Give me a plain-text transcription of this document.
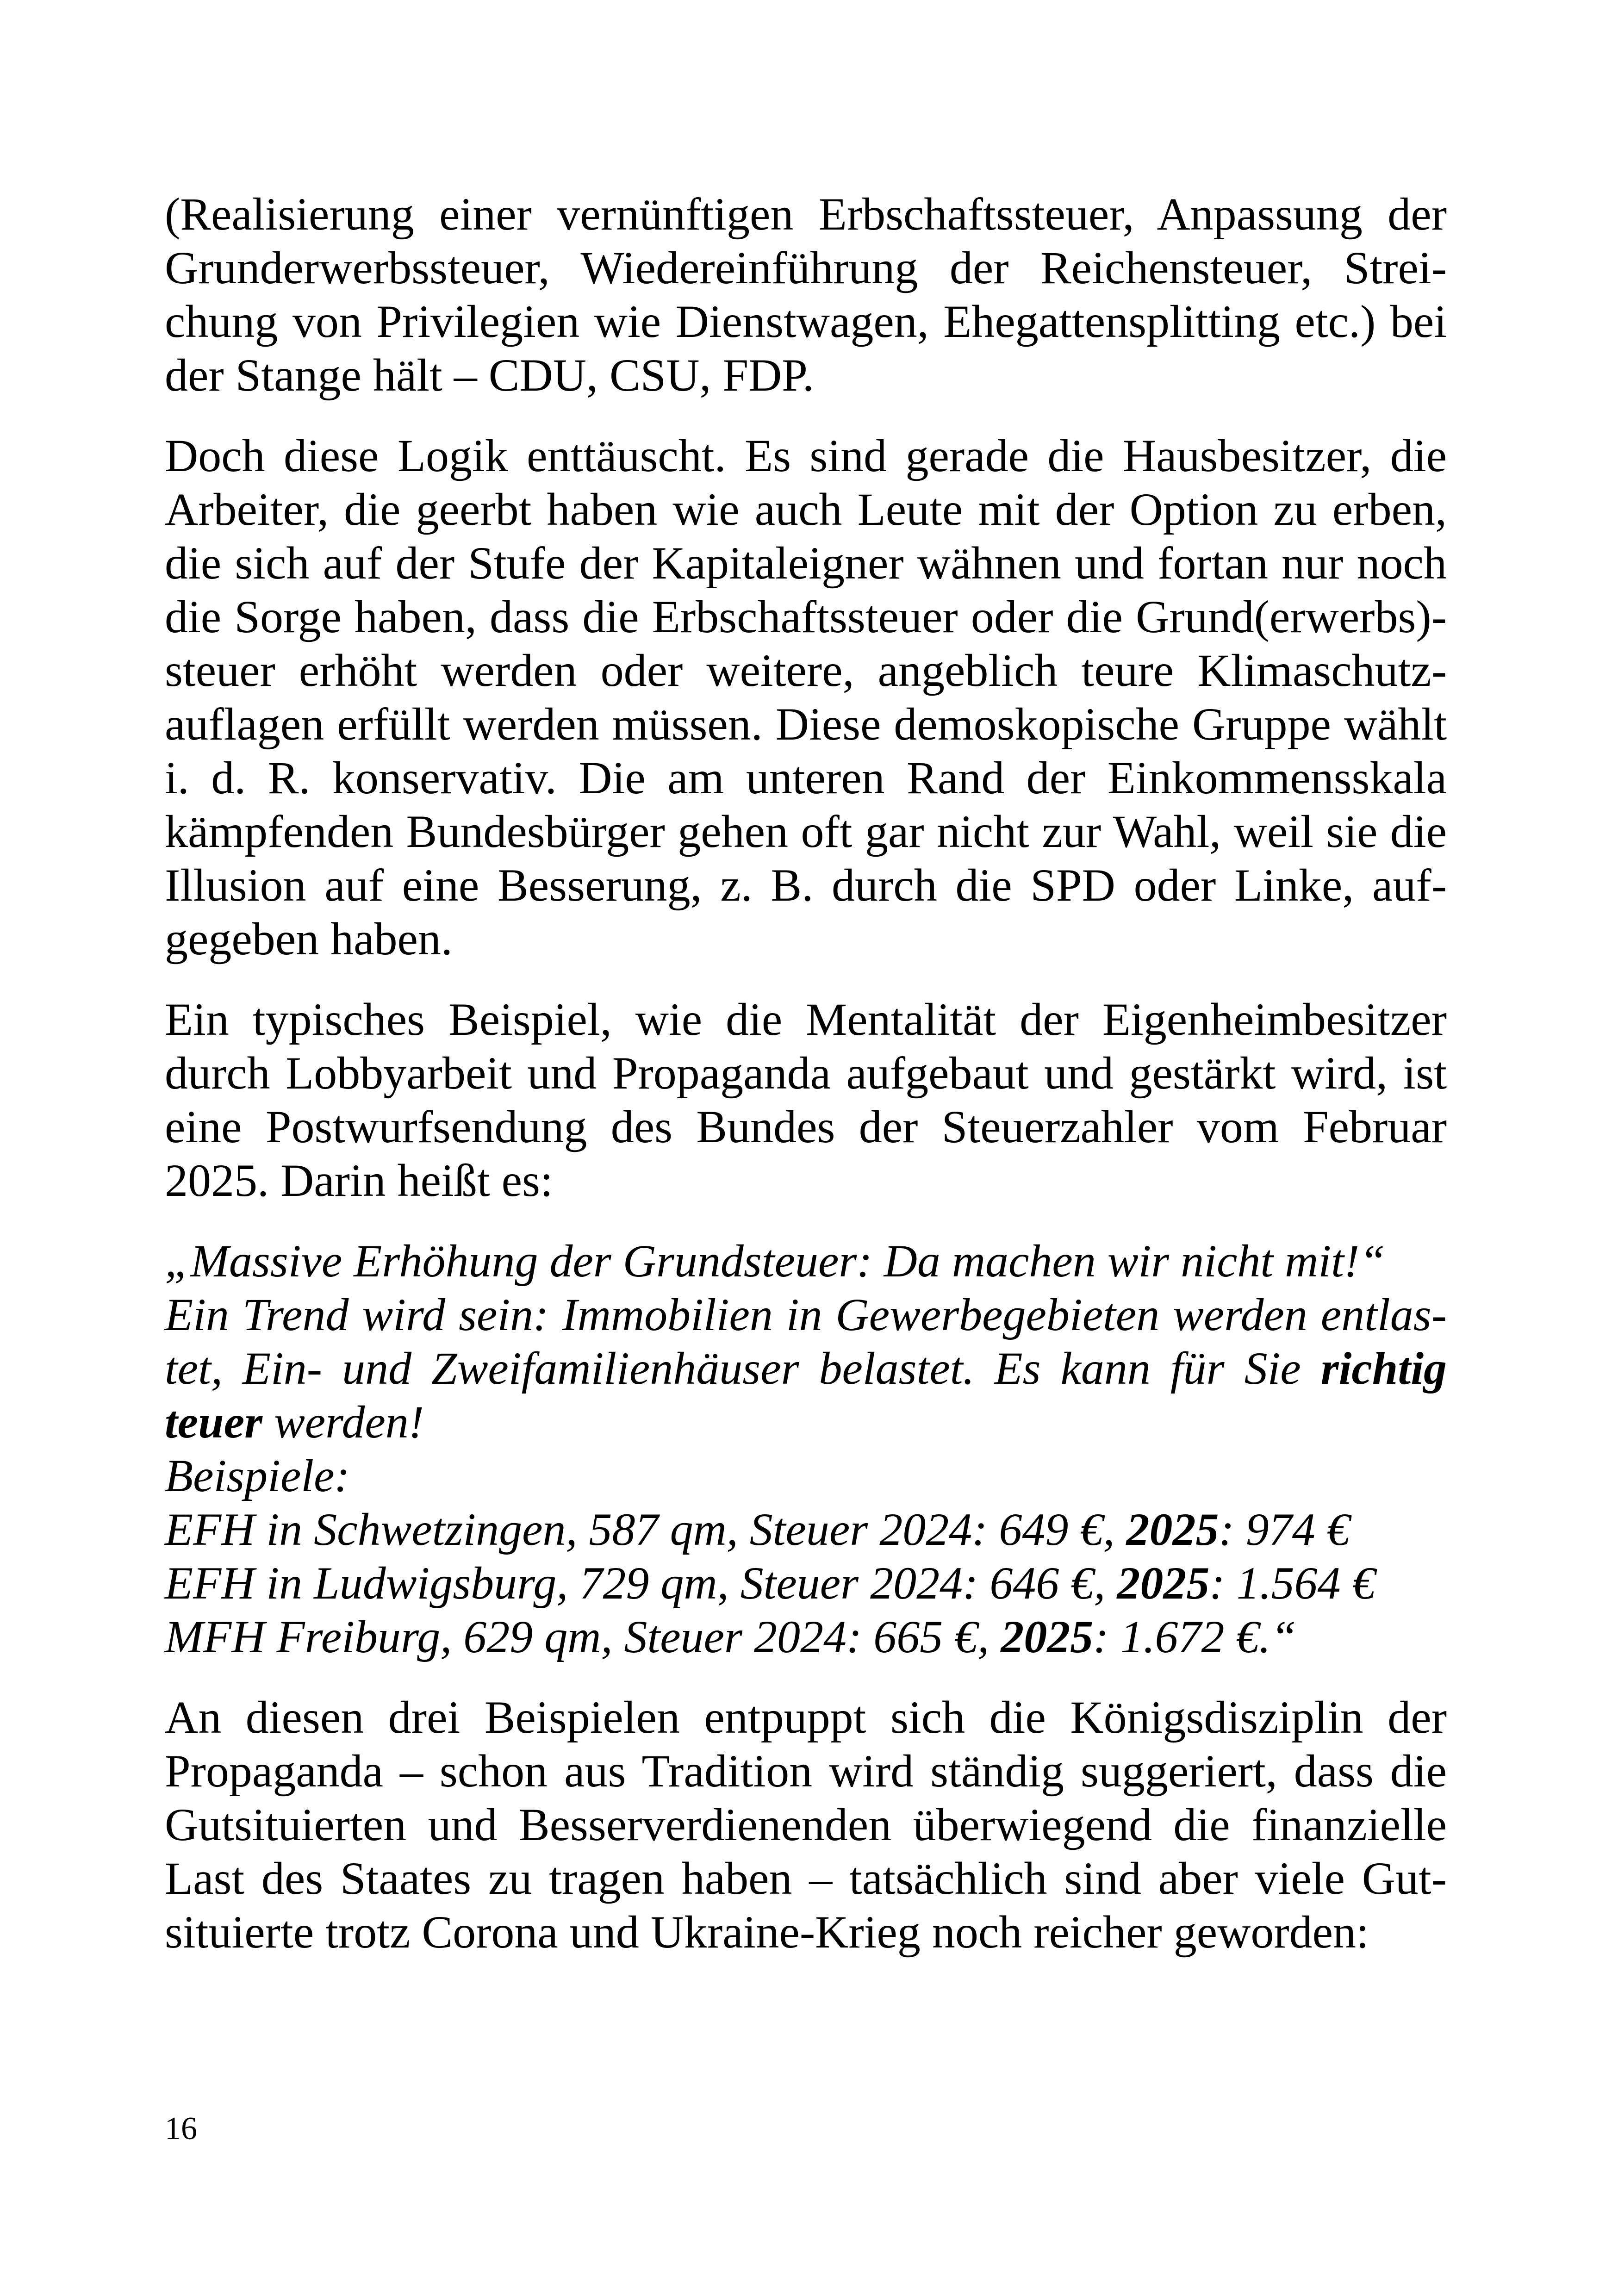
(Realisierung einer vernünftigen Erbschaftssteuer, Anpassung der
Grunderwerbssteuer, Wiedereinführung der Reichensteuer, Strei-
chung von Privilegien wie Dienstwagen, Ehegattensplitting etc.) bei
der Stange hält – CDU, CSU, FDP.
Doch diese Logik enttäuscht. Es sind gerade die Hausbesitzer, die
Arbeiter, die geerbt haben wie auch Leute mit der Option zu erben,
die sich auf der Stufe der Kapitaleigner wähnen und fortan nur noch
die Sorge haben, dass die Erbschaftssteuer oder die Grund(erwerbs)-
steuer erhöht werden oder weitere, angeblich teure Klimaschutz-
auflagen erfüllt werden müssen. Diese demoskopische Gruppe wählt
i. d. R. konservativ. Die am unteren Rand der Einkommensskala
kämpfenden Bundesbürger gehen oft gar nicht zur Wahl, weil sie die
Illusion auf eine Besserung, z. B. durch die SPD oder Linke, auf-
gegeben haben.
Ein typisches Beispiel, wie die Mentalität der Eigenheimbesitzer
durch Lobbyarbeit und Propaganda aufgebaut und gestärkt wird, ist
eine Postwurfsendung des Bundes der Steuerzahler vom Februar
2025. Darin heißt es:
„Massive Erhöhung der Grundsteuer: Da machen wir nicht mit!“
Ein Trend wird sein: Immobilien in Gewerbegebieten werden entlas-
tet, Ein- und Zweifamilienhäuser belastet. Es kann für Sie richtig
teuer werden!
Beispiele:
EFH in Schwetzingen, 587 qm, Steuer 2024: 649 €, 2025: 974 €
EFH in Ludwigsburg, 729 qm, Steuer 2024: 646 €, 2025: 1.564 €
MFH Freiburg, 629 qm, Steuer 2024: 665 €, 2025: 1.672 €.“
An diesen drei Beispielen entpuppt sich die Königsdisziplin der
Propaganda – schon aus Tradition wird ständig suggeriert, dass die
Gutsituierten und Besserverdienenden überwiegend die finanzielle
Last des Staates zu tragen haben – tatsächlich sind aber viele Gut-
situierte trotz Corona und Ukraine-Krieg noch reicher geworden:
16
